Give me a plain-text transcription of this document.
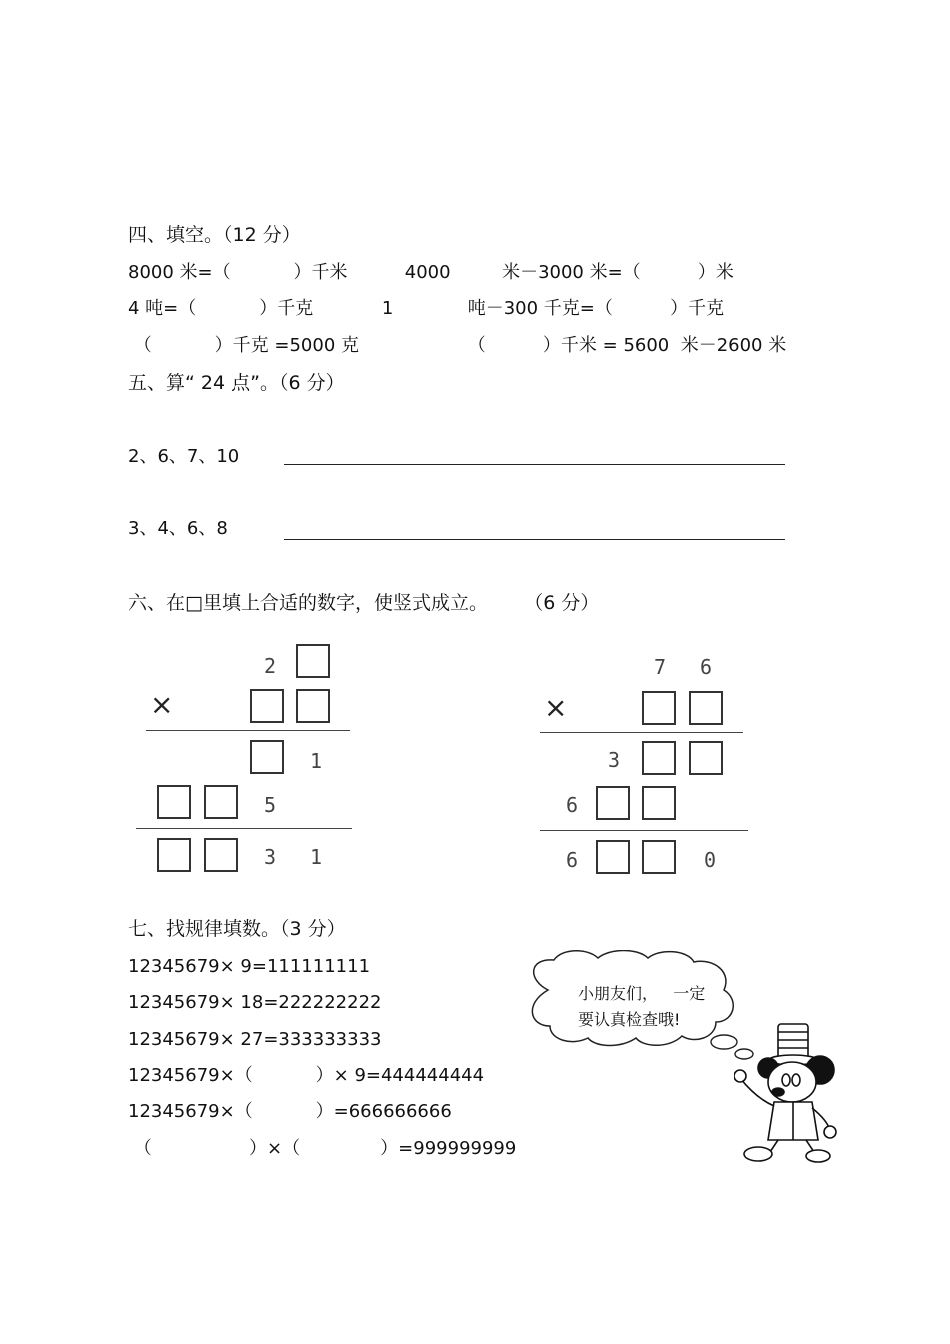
四、填空。（12 分）
8000 米=（           ）千米          4000         米－3000 米=（          ）米
4 吨=（           ）千克            1             吨－300 千克=（          ）千克
（           ）千克 =5000 克                   （          ）千米 = 5600  米－2600 米
五、算“ 24 点”。（6 分）
2、6、7、10
3、4、6、8
六、在□里填上合适的数字，使竖式成立。      （6 分）
2
×
1
5
3 1
7 6
×
3
6
6	0
七、找规律填数。（3 分）
12345679× 9=111111111
12345679× 18=222222222
12345679× 27=333333333
12345679×（           ）× 9=444444444
12345679×（           ）=666666666
（                 ）×（              ）=999999999
小朋友们，   一定
要认真检查哦!
